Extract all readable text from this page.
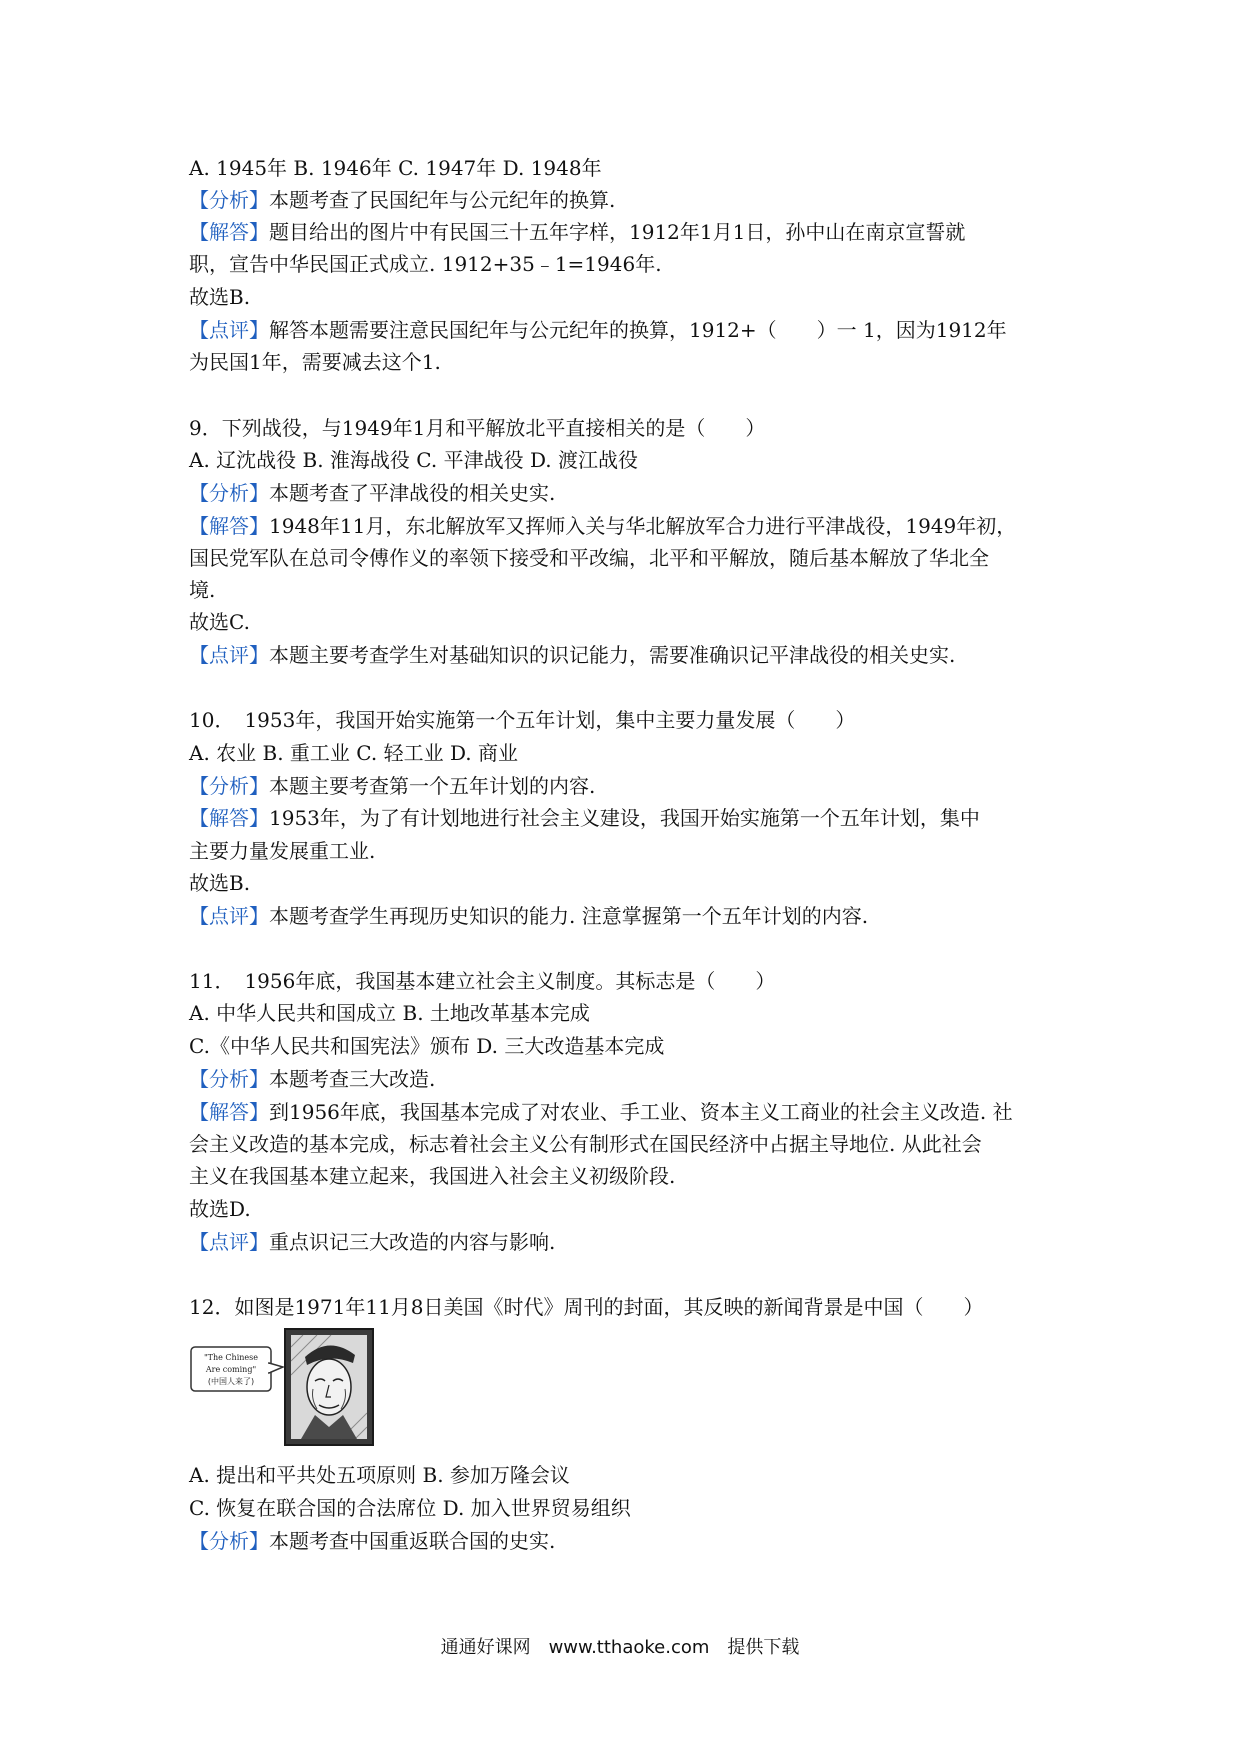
A. 1945年 B. 1946年 C. 1947年 D. 1948年
【分析】本题考查了民国纪年与公元纪年的换算.
【解答】题目给出的图片中有民国三十五年字样，1912年1月1日，孙中山在南京宣誓就
职，宣告中华民国正式成立. 1912+35﹣1=1946年.
故选B.
【点评】解答本题需要注意民国纪年与公元纪年的换算，1912+（　　）一 1，因为1912年
为民国1年，需要减去这个1.
9．下列战役，与1949年1月和平解放北平直接相关的是（　　）
A. 辽沈战役 B. 淮海战役 C. 平津战役 D. 渡江战役
【分析】本题考查了平津战役的相关史实.
【解答】1948年11月，东北解放军又挥师入关与华北解放军合力进行平津战役，1949年初，
国民党军队在总司令傅作义的率领下接受和平改编，北平和平解放，随后基本解放了华北全
境.
故选C.
【点评】本题主要考查学生对基础知识的识记能力，需要准确识记平津战役的相关史实.
10．　1953年，我国开始实施第一个五年计划，集中主要力量发展（　　）
A. 农业 B. 重工业 C. 轻工业 D. 商业
【分析】本题主要考查第一个五年计划的内容.
【解答】1953年，为了有计划地进行社会主义建设，我国开始实施第一个五年计划，集中
主要力量发展重工业.
故选B.
【点评】本题考查学生再现历史知识的能力. 注意掌握第一个五年计划的内容.
11．　1956年底，我国基本建立社会主义制度。其标志是（　　）
A. 中华人民共和国成立 B. 土地改革基本完成
C.《中华人民共和国宪法》颁布 D. 三大改造基本完成
【分析】本题考查三大改造.
【解答】到1956年底，我国基本完成了对农业、手工业、资本主义工商业的社会主义改造. 社
会主义改造的基本完成，标志着社会主义公有制形式在国民经济中占据主导地位. 从此社会
主义在我国基本建立起来，我国进入社会主义初级阶段.
故选D.
【点评】重点识记三大改造的内容与影响.
12．如图是1971年11月8日美国《时代》周刊的封面，其反映的新闻背景是中国（　　）
"The Chinese
Are coming"
(中国人来了)
A. 提出和平共处五项原则 B. 参加万隆会议
C. 恢复在联合国的合法席位 D. 加入世界贸易组织
【分析】本题考查中国重返联合国的史实.
通通好课网　www.tthaoke.com　提供下载
